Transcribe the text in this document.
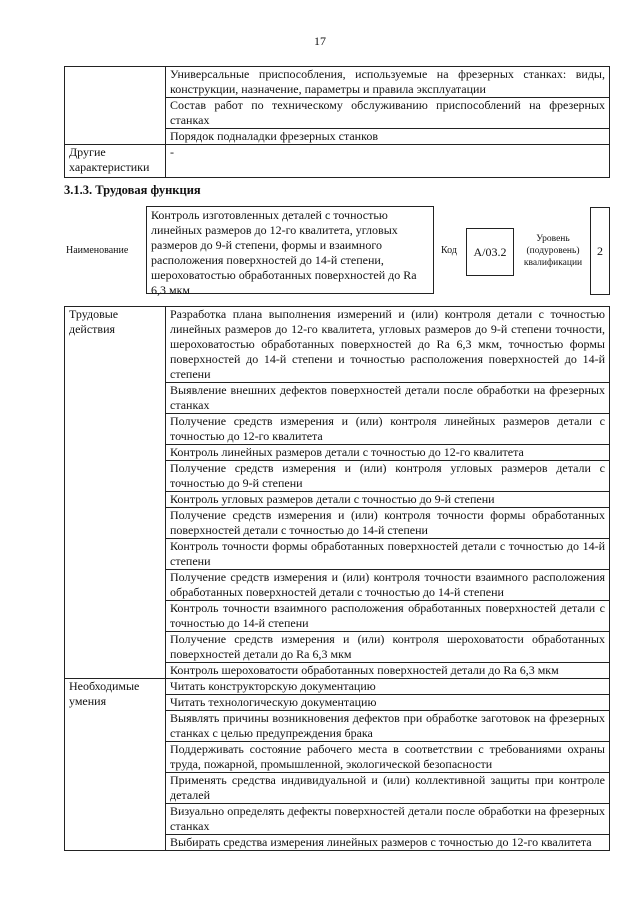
17
	Универсальные приспособления, используемые на фрезерных станках: виды, конструкции, назначение, параметры и правила эксплуатации
	Состав работ по техническому обслуживанию приспособлений на фрезерных станках
	Порядок подналадки фрезерных станков
Другие характеристики	-
3.1.3. Трудовая функция
Наименование
Контроль изготовленных деталей с точностью линейных размеров до 12-го квалитета, угловых размеров до 9-й степени, формы и взаимного расположения поверхностей до 14-й степени, шероховатостью обработанных поверхностей до Ra 6,3 мкм
Код	A/03.2
Уровень (подуровень) квалификации
2
Трудовые действия	Разработка плана выполнения измерений и (или) контроля детали с точностью линейных размеров до 12-го квалитета, угловых размеров до 9-й степени точности, шероховатостью обработанных поверхностей до Ra 6,3 мкм, точностью формы поверхностей до 14-й степени и точностью расположения поверхностей до 14-й степени
	Выявление внешних дефектов поверхностей детали после обработки на фрезерных станках
	Получение средств измерения и (или) контроля линейных размеров детали с точностью до 12-го квалитета
	Контроль линейных размеров детали с точностью до 12-го квалитета
	Получение средств измерения и (или) контроля угловых размеров детали с точностью до 9-й степени
	Контроль угловых размеров детали с точностью до 9-й степени
	Получение средств измерения и (или) контроля точности формы обработанных поверхностей детали с точностью до 14-й степени
	Контроль точности формы обработанных поверхностей детали с точностью до 14-й степени
	Получение средств измерения и (или) контроля точности взаимного расположения обработанных поверхностей детали с точностью до 14-й степени
	Контроль точности взаимного расположения обработанных поверхностей детали с точностью до 14-й степени
	Получение средств измерения и (или) контроля шероховатости обработанных поверхностей детали до Ra 6,3 мкм
	Контроль шероховатости обработанных поверхностей детали до Ra 6,3 мкм
Необходимые умения	Читать конструкторскую документацию
	Читать технологическую документацию
	Выявлять причины возникновения дефектов при обработке заготовок на фрезерных станках с целью предупреждения брака
	Поддерживать состояние рабочего места в соответствии с требованиями охраны труда, пожарной, промышленной, экологической безопасности
	Применять средства индивидуальной и (или) коллективной защиты при контроле деталей
	Визуально определять дефекты поверхностей детали после обработки на фрезерных станках
	Выбирать средства измерения линейных размеров с точностью до 12-го квалитета
